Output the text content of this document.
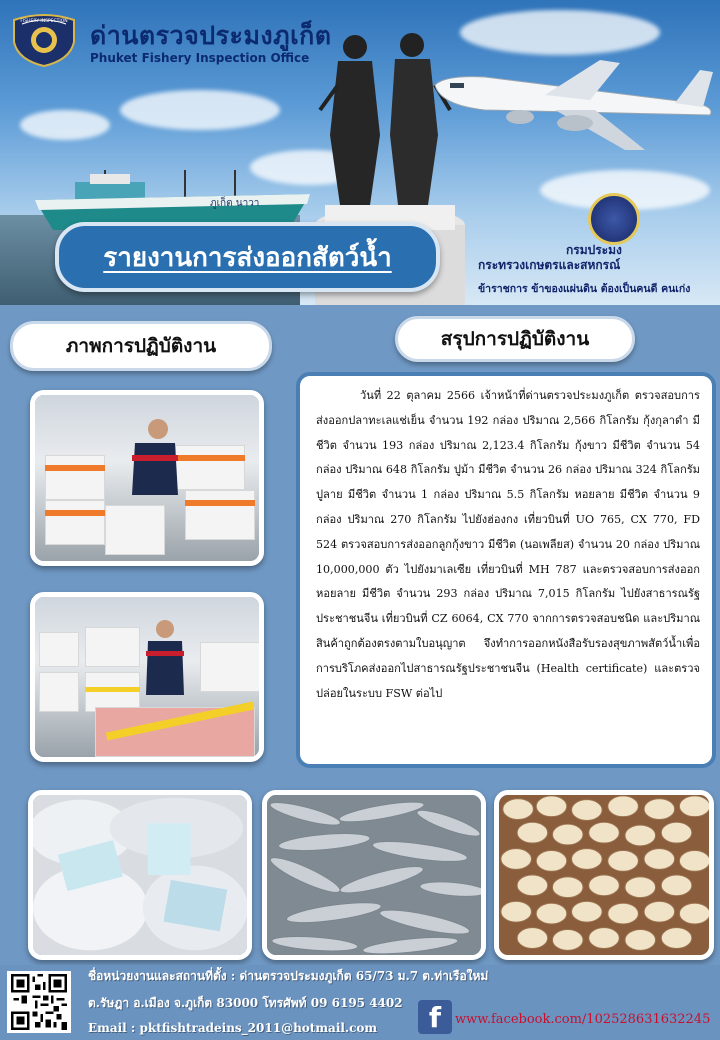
ภูเก็ต นาวา
FISHERY INSPECTION ด่านตรวจประมงภูเก็ต
Phuket Fishery Inspection Office
รายงานการส่งออกสัตว์น้ำ	กรมประมง
กระทรวงเกษตรและสหกรณ์
ข้าราชการ ข้าของแผ่นดิน ต้องเป็นคนดี คนเก่ง
ภาพการปฏิบัติงาน	สรุปการปฏิบัติงาน

วันที่ 22 ตุลาคม 2566 เจ้าหน้าที่ด่านตรวจประมงภูเก็ต ตรวจสอบการส่งออกปลาทะเลแช่เย็น จำนวน 192 กล่อง ปริมาณ 2,566 กิโลกรัม กุ้งกุลาดำ มีชีวิต จำนวน 193 กล่อง ปริมาณ 2,123.4 กิโลกรัม กุ้งขาว มีชีวิต จำนวน 54 กล่อง ปริมาณ 648 กิโลกรัม ปูม้า มีชีวิต จำนวน 26 กล่อง ปริมาณ 324 กิโลกรัม ปูลาย มีชีวิต จำนวน 1 กล่อง ปริมาณ 5.5 กิโลกรัม หอยลาย มีชีวิต จำนวน 9 กล่อง ปริมาณ 270 กิโลกรัม ไปยังฮ่องกง เที่ยวบินที่ UO 765, CX 770, FD 524 ตรวจสอบการส่งออกลูกกุ้งขาว มีชีวิต (นอเพลียส) จำนวน 20 กล่อง ปริมาณ 10,000,000 ตัว ไปยังมาเลเซีย เที่ยวบินที่ MH 787 และตรวจสอบการส่งออก หอยลาย มีชีวิต จำนวน 293 กล่อง ปริมาณ 7,015 กิโลกรัม ไปยังสาธารณรัฐประชาชนจีน เที่ยวบินที่ CZ 6064, CX 770 จากการตรวจสอบชนิด และปริมาณสินค้าถูกต้องตรงตามใบอนุญาต จึงทำการออกหนังสือรับรองสุขภาพสัตว์น้ำเพื่อการบริโภคส่งออกไปสาธารณรัฐประชาชนจีน (Health certificate) และตรวจปล่อยในระบบ FSW ต่อไป

ชื่อหน่วยงานและสถานที่ตั้ง : ด่านตรวจประมงภูเก็ต 65/73 ม.7 ต.ท่าเรือใหม่
ต.รัษฎา อ.เมือง จ.ภูเก็ต 83000 โทรศัพท์ 09 6195 4402
Email : pktfishtradeins_2011@hotmail.com	f	www.facebook.com/102528631632245
